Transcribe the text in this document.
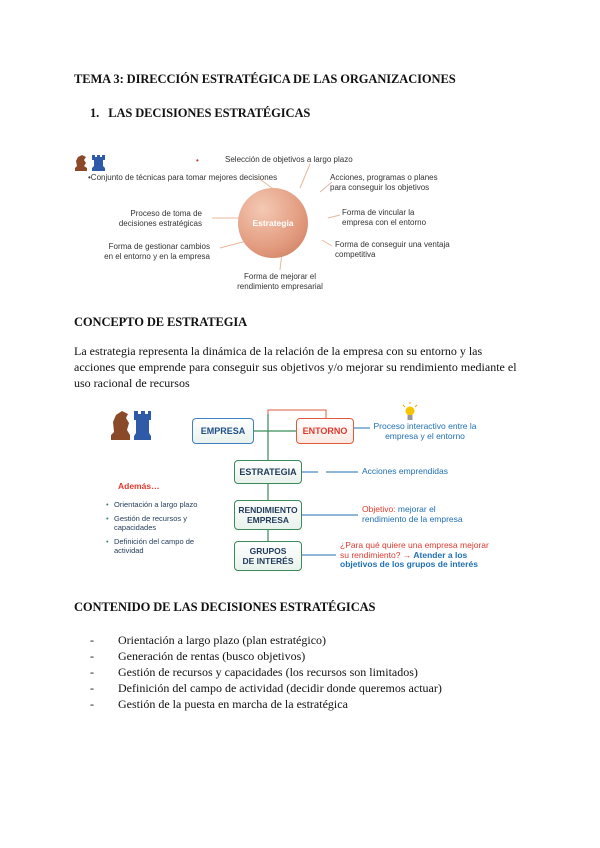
TEMA 3: DIRECCIÓN ESTRATÉGICA DE LAS ORGANIZACIONES
1. LAS DECISIONES ESTRATÉGICAS
•	Selección de objetivos a largo plazo
•Conjunto de técnicas para tomar mejores decisiones	Acciones, programas o planes
para conseguir los objetivos
Proceso de toma de
decisiones estratégicas
Forma de vincular la
empresa con el entorno
Forma de gestionar cambios
en el entorno y en la empresa
Forma de conseguir una ventaja
competitiva
Forma de mejorar el
rendimiento empresarial
Estrategia
CONCEPTO DE ESTRATEGIA
La estrategia representa la dinámica de la relación de la empresa con su entorno y las
acciones que emprende para conseguir sus objetivos y/o mejorar su rendimiento mediante el
uso racional de recursos
EMPRESA	ENTORNO
ESTRATEGIA
RENDIMIENTO
EMPRESA
GRUPOS
DE INTERÉS
Proceso interactivo entre la
empresa y el entorno
Acciones emprendidas
Objetivo: mejorar el
rendimiento de la empresa
¿Para qué quiere una empresa mejorar
su rendimiento? → Atender a los
objetivos de los grupos de interés
Además…
• Orientación a largo plazo
• Gestión de recursos y
capacidades
• Definición del campo de
actividad
CONTENIDO DE LAS DECISIONES ESTRATÉGICAS
-	Orientación a largo plazo (plan estratégico)
-	Generación de rentas (busco objetivos)
-	Gestión de recursos y capacidades (los recursos son limitados)
-	Definición del campo de actividad (decidir donde queremos actuar)
-	Gestión de la puesta en marcha de la estratégica
